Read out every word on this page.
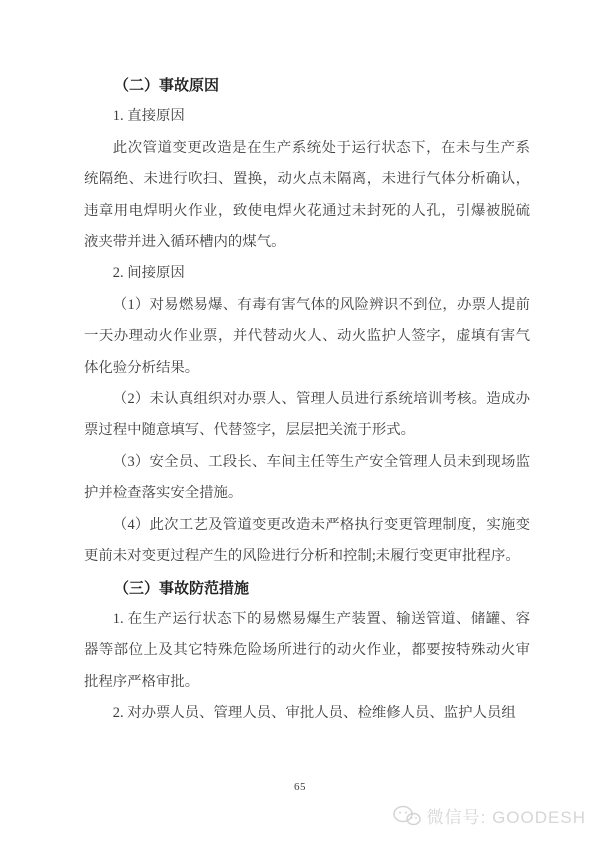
（二）事故原因
1. 直接原因
此次管道变更改造是在生产系统处于运行状态下，在未与生产系统隔绝、未进行吹扫、置换，动火点未隔离，未进行气体分析确认，违章用电焊明火作业，致使电焊火花通过未封死的人孔，引爆被脱硫液夹带并进入循环槽内的煤气。
2. 间接原因
（1）对易燃易爆、有毒有害气体的风险辨识不到位，办票人提前一天办理动火作业票，并代替动火人、动火监护人签字，虚填有害气体化验分析结果。
（2）未认真组织对办票人、管理人员进行系统培训考核。造成办票过程中随意填写、代替签字，层层把关流于形式。
（3）安全员、工段长、车间主任等生产安全管理人员未到现场监护并检查落实安全措施。
（4）此次工艺及管道变更改造未严格执行变更管理制度，实施变更前未对变更过程产生的风险进行分析和控制;未履行变更审批程序。
（三）事故防范措施
1. 在生产运行状态下的易燃易爆生产装置、输送管道、储罐、容器等部位上及其它特殊危险场所进行的动火作业，都要按特殊动火审批程序严格审批。
2. 对办票人员、管理人员、审批人员、检维修人员、监护人员组
65
微信号: GOODESH
